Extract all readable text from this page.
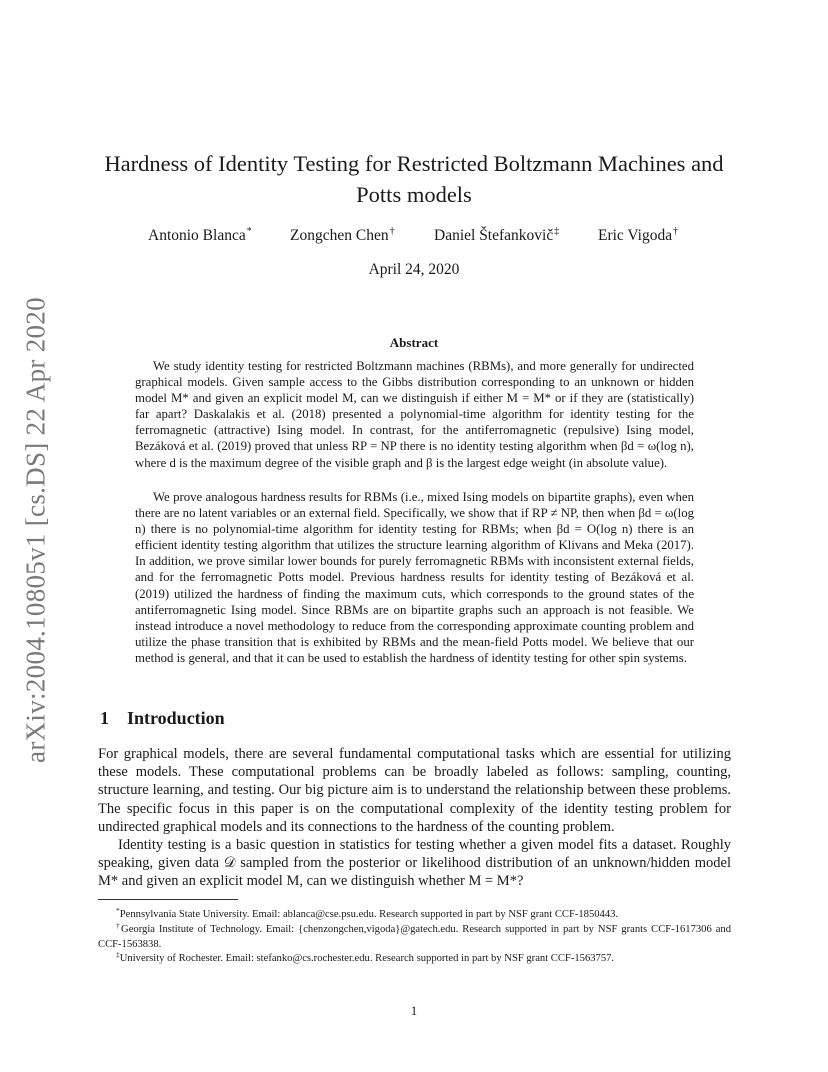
arXiv:2004.10805v1 [cs.DS] 22 Apr 2020
Hardness of Identity Testing for Restricted Boltzmann Machines and Potts models
Antonio Blanca* Zongchen Chen†	Daniel Štefankovič‡	Eric Vigoda†
April 24, 2020
Abstract

We study identity testing for restricted Boltzmann machines (RBMs), and more generally for undirected graphical models. Given sample access to the Gibbs distribution corresponding to an unknown or hidden model M* and given an explicit model M, can we distinguish if either M = M* or if they are (statistically) far apart? Daskalakis et al. (2018) presented a polynomial-time algorithm for identity testing for the ferromagnetic (attractive) Ising model. In contrast, for the antiferromagnetic (repulsive) Ising model, Bezáková et al. (2019) proved that unless RP = NP there is no identity testing algorithm when βd = ω(log n), where d is the maximum degree of the visible graph and β is the largest edge weight (in absolute value).

We prove analogous hardness results for RBMs (i.e., mixed Ising models on bipartite graphs), even when there are no latent variables or an external field. Specifically, we show that if RP ≠ NP, then when βd = ω(log n) there is no polynomial-time algorithm for identity testing for RBMs; when βd = O(log n) there is an efficient identity testing algorithm that utilizes the structure learning algorithm of Klivans and Meka (2017). In addition, we prove similar lower bounds for purely ferromagnetic RBMs with inconsistent external fields, and for the ferromagnetic Potts model. Previous hardness results for identity testing of Bezáková et al. (2019) utilized the hardness of finding the maximum cuts, which corresponds to the ground states of the antiferromagnetic Ising model. Since RBMs are on bipartite graphs such an approach is not feasible. We instead introduce a novel methodology to reduce from the corresponding approximate counting problem and utilize the phase transition that is exhibited by RBMs and the mean-field Potts model. We believe that our method is general, and that it can be used to establish the hardness of identity testing for other spin systems.

1 Introduction

For graphical models, there are several fundamental computational tasks which are essential for utilizing these models. These computational problems can be broadly labeled as follows: sampling, counting, structure learning, and testing. Our big picture aim is to understand the relationship between these problems. The specific focus in this paper is on the computational complexity of the identity testing problem for undirected graphical models and its connections to the hardness of the counting problem.

Identity testing is a basic question in statistics for testing whether a given model fits a dataset. Roughly speaking, given data 𝒟 sampled from the posterior or likelihood distribution of an unknown/hidden model M* and given an explicit model M, can we distinguish whether M = M*?

*Pennsylvania State University. Email: ablanca@cse.psu.edu. Research supported in part by NSF grant CCF-1850443.

†Georgia Institute of Technology. Email: {chenzongchen,vigoda}@gatech.edu. Research supported in part by NSF grants CCF-1617306 and CCF-1563838.

‡University of Rochester. Email: stefanko@cs.rochester.edu. Research supported in part by NSF grant CCF-1563757.

1
